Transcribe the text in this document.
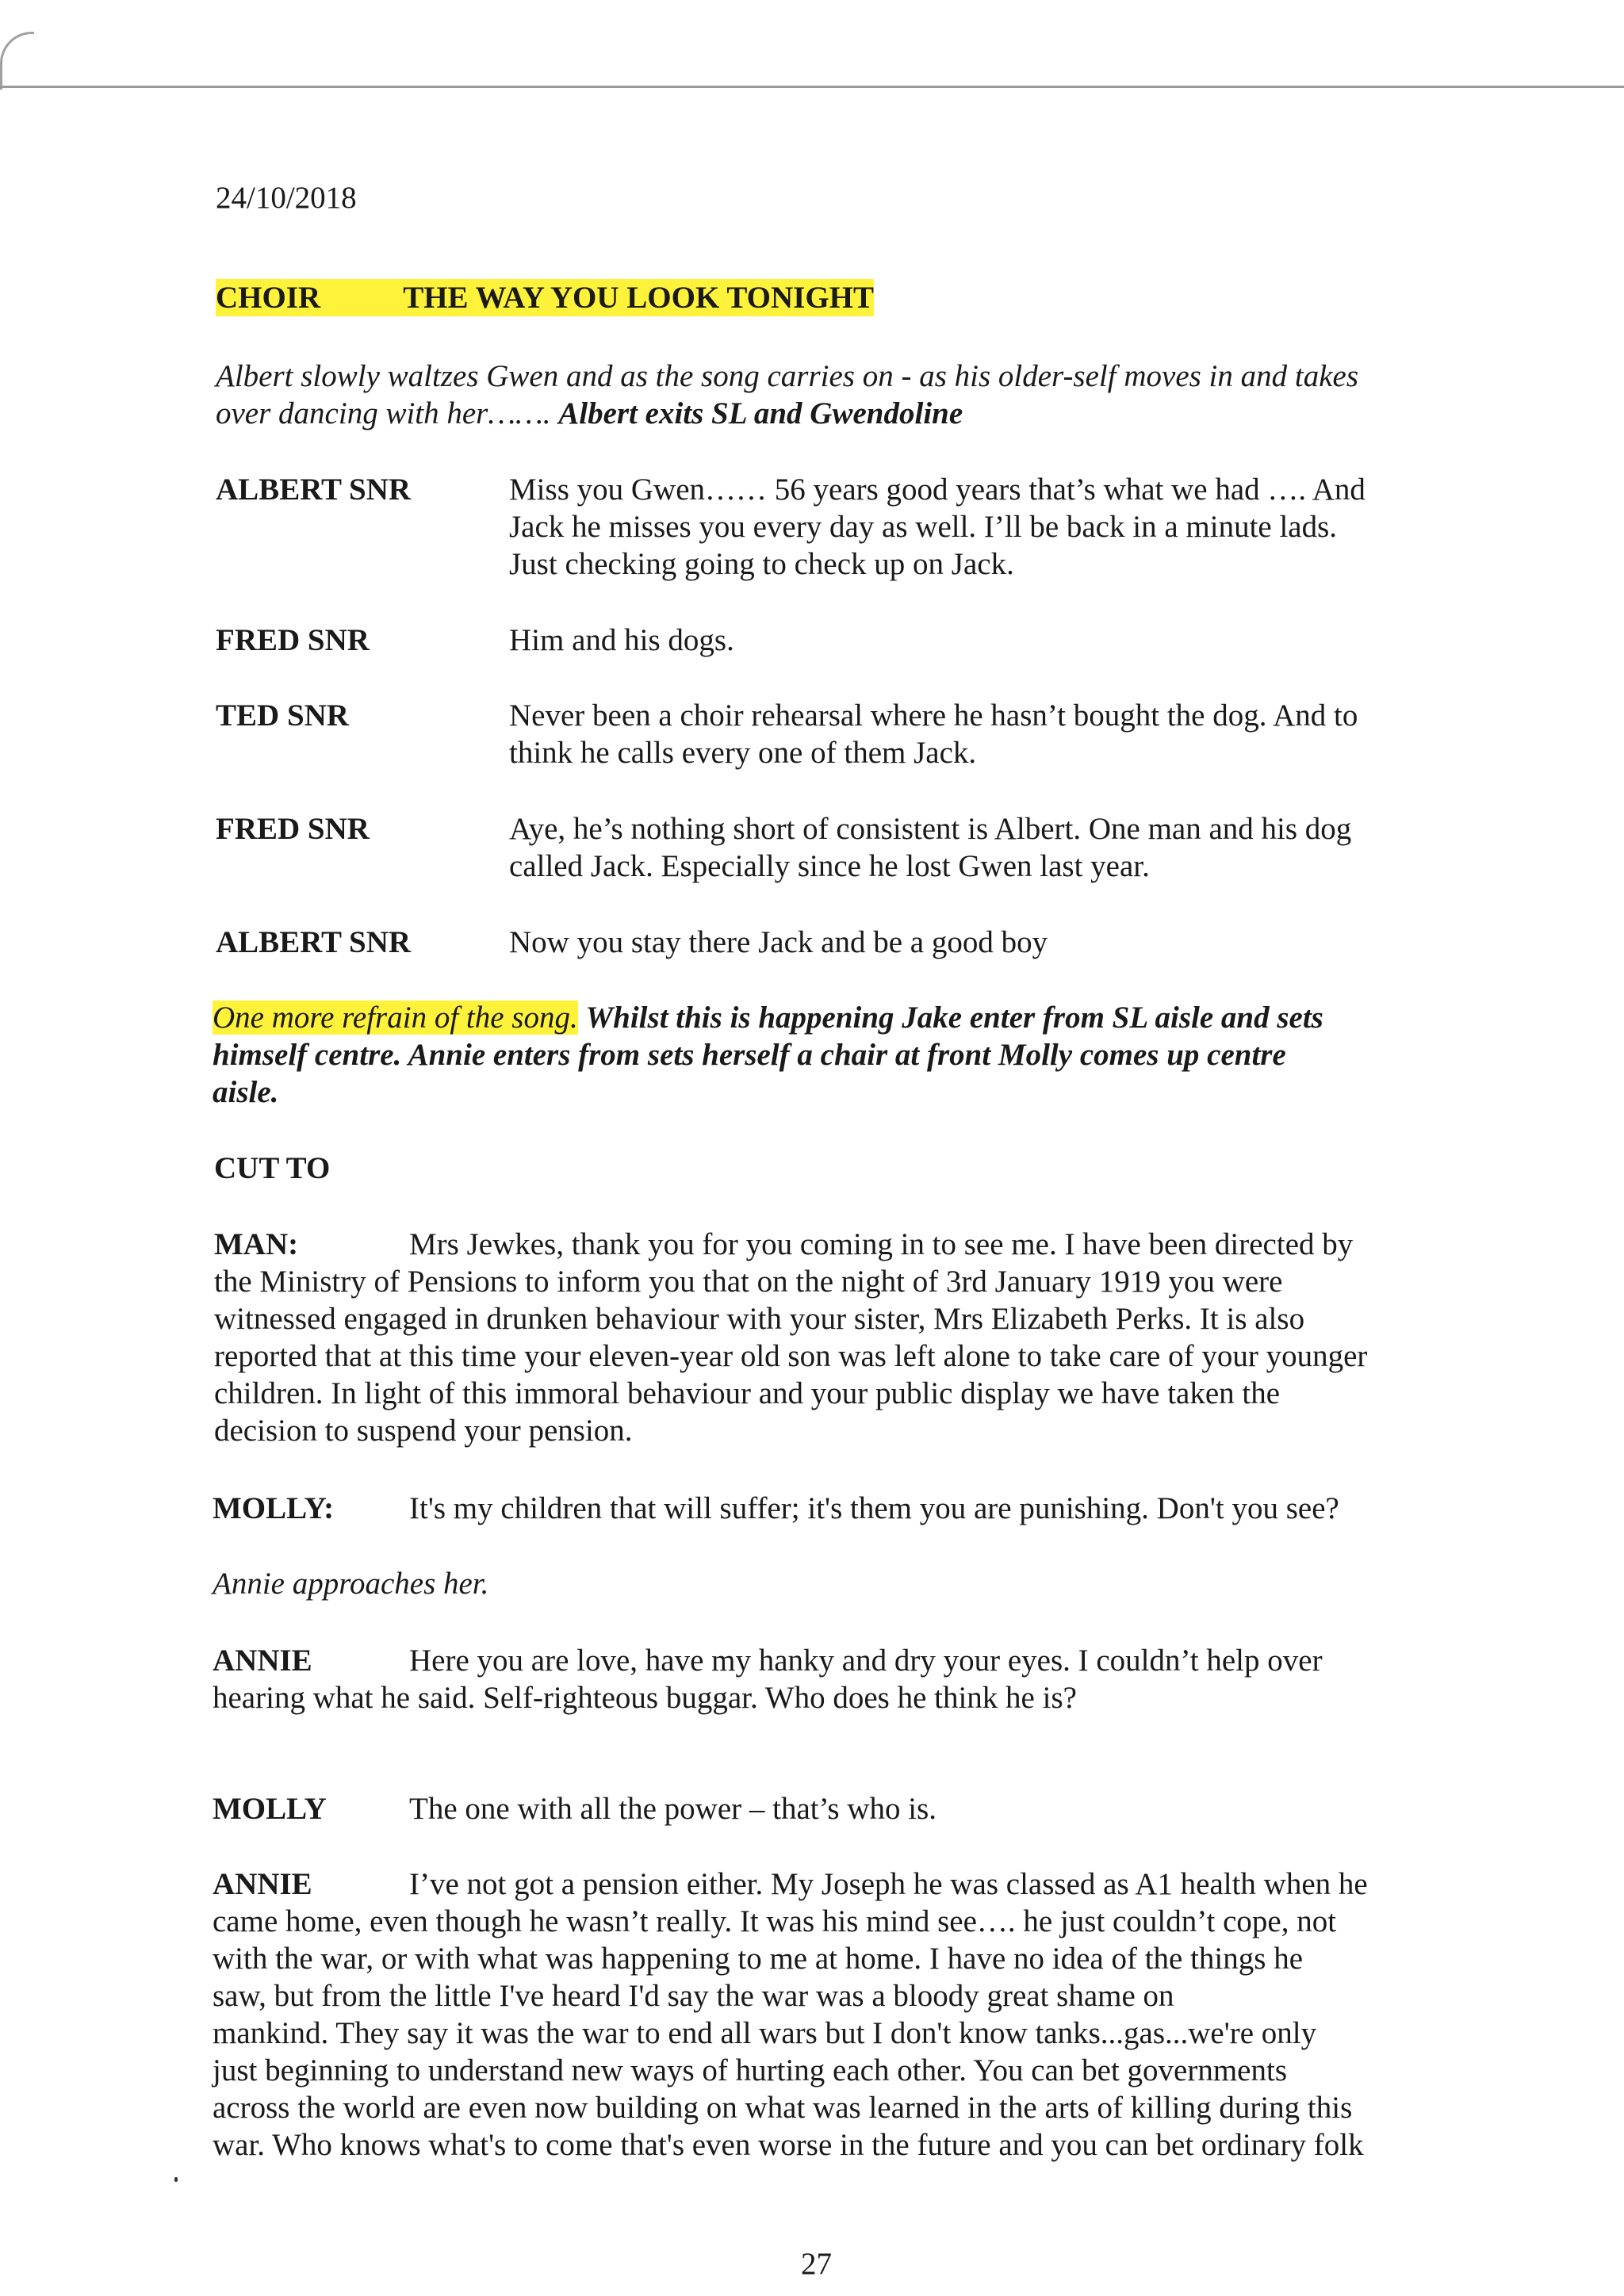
24/10/2018
CHOIR	THE WAY YOU LOOK TONIGHT
Albert slowly waltzes Gwen and as the song carries on - as his older-self moves in and takes
over dancing with her……. Albert exits SL and Gwendoline
ALBERT SNR	Miss you Gwen…… 56 years good years that’s what we had …. And
Jack he misses you every day as well. I’ll be back in a minute lads.
Just checking going to check up on Jack.
FRED SNR	Him and his dogs.
TED SNR	Never been a choir rehearsal where he hasn’t bought the dog. And to
think he calls every one of them Jack.
FRED SNR	Aye, he’s nothing short of consistent is Albert. One man and his dog
called Jack. Especially since he lost Gwen last year.
ALBERT SNR	Now you stay there Jack and be a good boy
One more refrain of the song. Whilst this is happening Jake enter from SL aisle and sets
himself centre. Annie enters from sets herself a chair at front Molly comes up centre
aisle.
CUT TO
MAN:	Mrs Jewkes, thank you for you coming in to see me. I have been directed by
the Ministry of Pensions to inform you that on the night of 3rd January 1919 you were
witnessed engaged in drunken behaviour with your sister, Mrs Elizabeth Perks. It is also
reported that at this time your eleven-year old son was left alone to take care of your younger
children. In light of this immoral behaviour and your public display we have taken the
decision to suspend your pension.
MOLLY: It's my children that will suffer; it's them you are punishing. Don't you see?
Annie approaches her.
ANNIE	Here you are love, have my hanky and dry your eyes. I couldn’t help over
hearing what he said. Self-righteous buggar. Who does he think he is?
MOLLY	The one with all the power – that’s who is.
ANNIE	I’ve not got a pension either. My Joseph he was classed as A1 health when he
came home, even though he wasn’t really. It was his mind see…. he just couldn’t cope, not
with the war, or with what was happening to me at home. I have no idea of the things he
saw, but from the little I've heard I'd say the war was a bloody great shame on
mankind. They say it was the war to end all wars but I don't know tanks...gas...we're only
just beginning to understand new ways of hurting each other. You can bet governments
across the world are even now building on what was learned in the arts of killing during this
war. Who knows what's to come that's even worse in the future and you can bet ordinary folk
27
